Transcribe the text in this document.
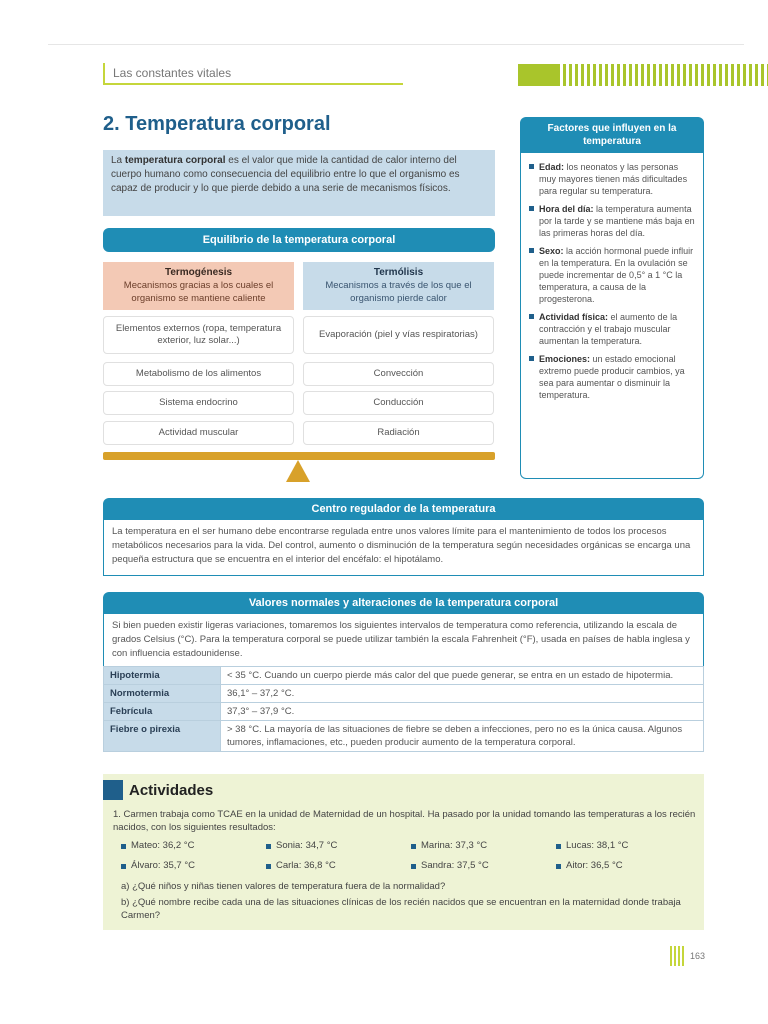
Las constantes vitales
2. Temperatura corporal
La temperatura corporal es el valor que mide la cantidad de calor interno del cuerpo humano como consecuencia del equilibrio entre lo que el organismo es capaz de producir y lo que pierde debido a una serie de mecanismos físicos.
Equilibrio de la temperatura corporal
Termogénesis
Mecanismos gracias a los cuales el organismo se mantiene caliente
Termólisis
Mecanismos a través de los que el organismo pierde calor
Elementos externos (ropa, temperatura exterior, luz solar...)
Metabolismo de los alimentos
Sistema endocrino
Actividad muscular
Evaporación (piel y vías respiratorias)
Convección
Conducción
Radiación
Factores que influyen en la temperatura
Edad: los neonatos y las personas muy mayores tienen más dificultades para regular su temperatura.
Hora del día: la temperatura aumenta por la tarde y se mantiene más baja en las primeras horas del día.
Sexo: la acción hormonal puede influir en la temperatura. En la ovulación se puede incrementar de 0,5° a 1 °C la temperatura, a causa de la progesterona.
Actividad física: el aumento de la contracción y el trabajo muscular aumentan la temperatura.
Emociones: un estado emocional extremo puede producir cambios, ya sea para aumentar o disminuir la temperatura.
Centro regulador de la temperatura
La temperatura en el ser humano debe encontrarse regulada entre unos valores límite para el mantenimiento de todos los procesos metabólicos necesarios para la vida. Del control, aumento o disminución de la temperatura según necesidades orgánicas se encarga una pequeña estructura que se encuentra en el interior del encéfalo: el hipotálamo.
Valores normales y alteraciones de la temperatura corporal
Si bien pueden existir ligeras variaciones, tomaremos los siguientes intervalos de temperatura como referencia, utilizando la escala de grados Celsius (°C). Para la temperatura corporal se puede utilizar también la escala Fahrenheit (°F), usada en países de habla inglesa y con influencia estadounidense.
Hipotermia	< 35 °C. Cuando un cuerpo pierde más calor del que puede generar, se entra en un estado de hipotermia.
Normotermia	36,1° – 37,2 °C.
Febrícula	37,3° – 37,9 °C.
Fiebre o pirexia	> 38 °C. La mayoría de las situaciones de fiebre se deben a infecciones, pero no es la única causa. Algunos tumores, inflamaciones, etc., pueden producir aumento de la temperatura corporal.
Actividades
1. Carmen trabaja como TCAE en la unidad de Maternidad de un hospital. Ha pasado por la unidad tomando las temperaturas a los recién nacidos, con los siguientes resultados:
Mateo: 36,2 °C	Sonia: 34,7 °C	Marina: 37,3 °C	Lucas: 38,1 °C
Álvaro: 35,7 °C	Carla: 36,8 °C	Sandra: 37,5 °C	Aitor: 36,5 °C
a) ¿Qué niños y niñas tienen valores de temperatura fuera de la normalidad?
b) ¿Qué nombre recibe cada una de las situaciones clínicas de los recién nacidos que se encuentran en la maternidad donde trabaja Carmen?
163
